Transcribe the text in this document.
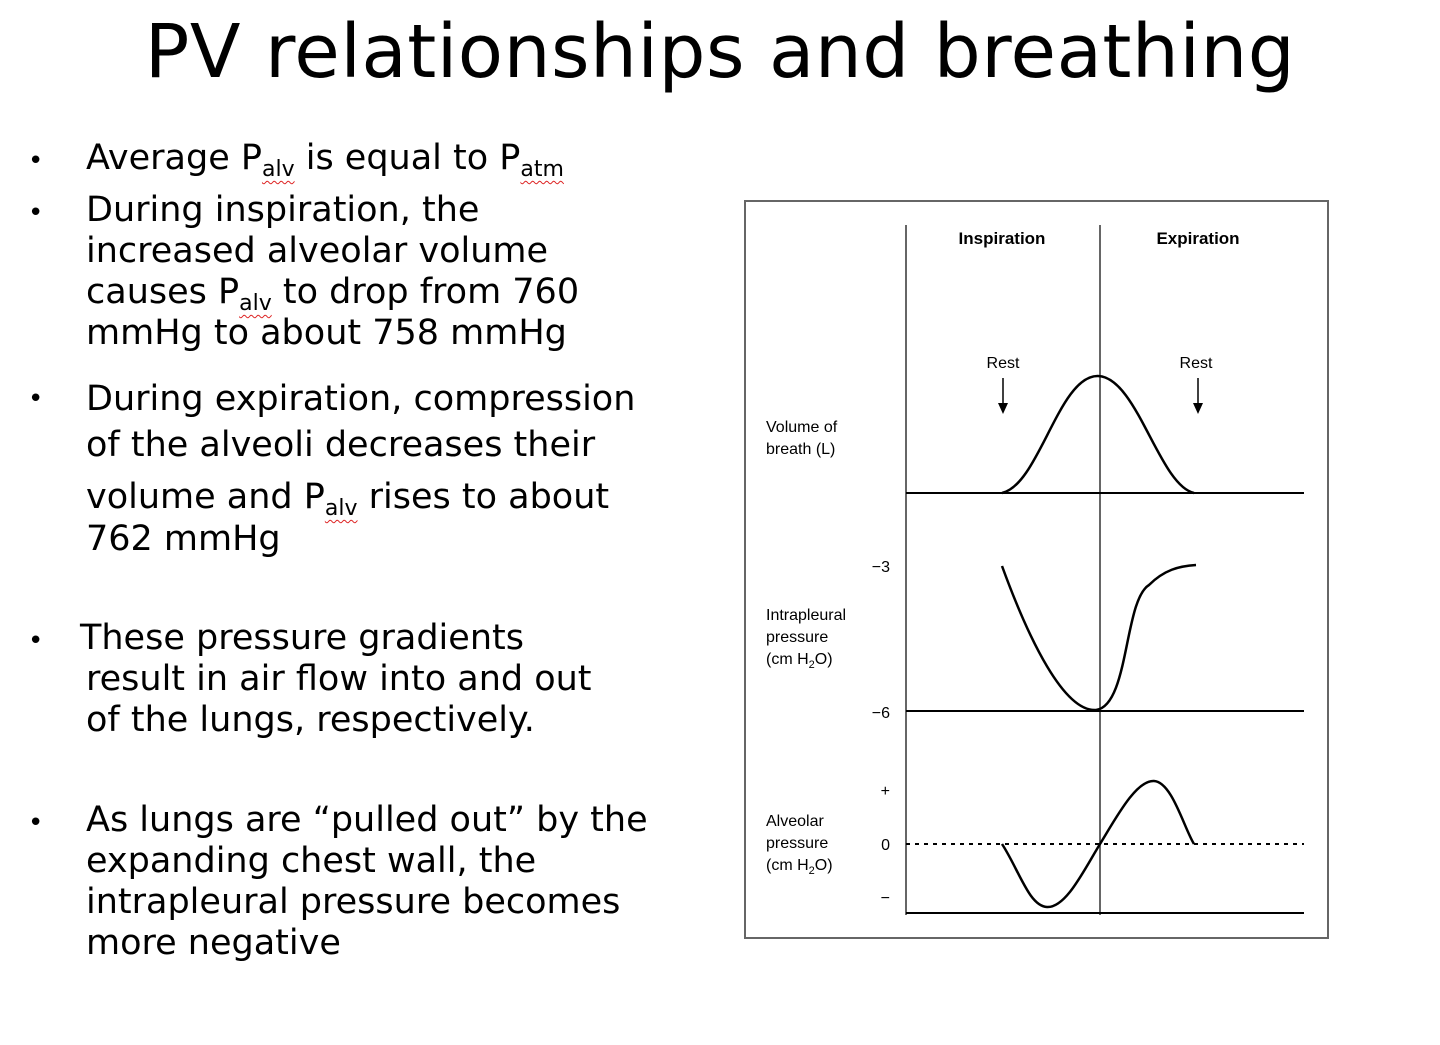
PV relationships and breathing
• Average $P_{alv}$ is equal to $P_{atm}$
• During inspiration, the
increased alveolar volume
causes $P_{alv}$ to drop from 760
mmHg to about 758 mmHg
• During expiration, compression
of the alveoli decreases their
volume and $P_{alv}$ rises to about
762 mmHg
• These pressure gradients
result in air flow into and out
of the lungs, respectively.
• As lungs are “pulled out” by the
expanding chest wall, the
intrapleural pressure becomes
more negative
Inspiration	Expiration
Rest	Rest
Volume of breath (L)
Intrapleural pressure (cm $H_2O$)
−3
−6
Alveolar pressure (cm $H_2O$)
+
0
−
